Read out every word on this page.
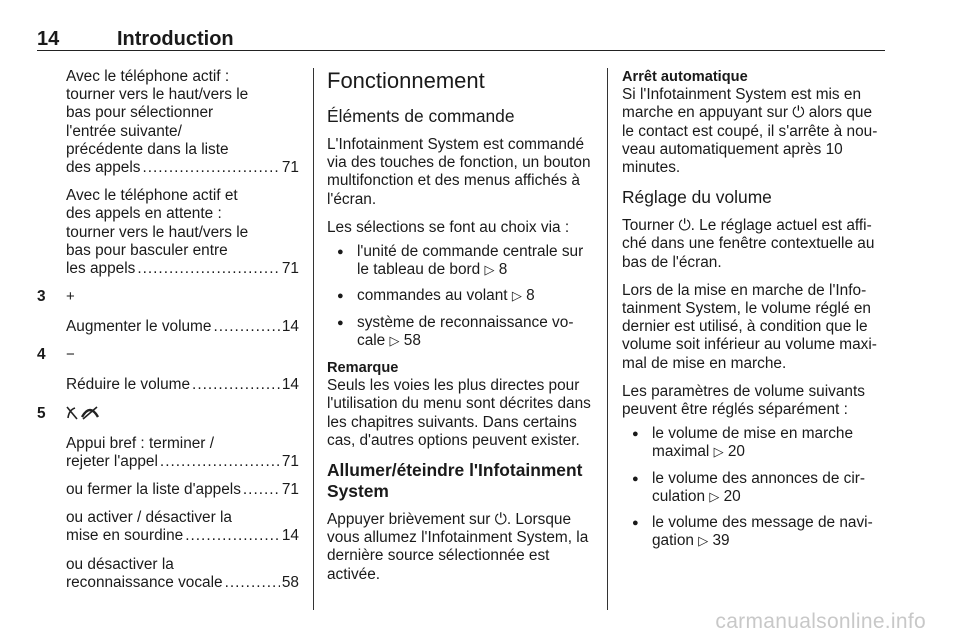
14	Introduction
Avec le téléphone actif :
tourner vers le haut/vers le
bas pour sélectionner
l'entrée suivante/
précédente dans la liste
des appels .....	71
Avec le téléphone actif et
des appels en attente :
tourner vers le haut/vers le
bas pour basculer entre
les appels .....	71
3 +
Augmenter le volume .....	14
4 −
Réduire le volume .....	14
5
Appui bref : terminer /
rejeter l'appel .....	71
ou fermer la liste d'appels .....	71
ou activer / désactiver la
mise en sourdine .....	14
ou désactiver la
reconnaissance vocale .....	58
Fonctionnement
Éléments de commande

L'Infotainment System est commandé via des touches de fonction, un bouton multifonction et des menus affichés à l'écran.

Les sélections se font au choix via :

● l'unité de commande centrale sur le tableau de bord ▷ 8
● commandes au volant ▷ 8
● système de reconnaissance vocale ▷ 58
Remarque

Seuls les voies les plus directes pour l'utilisation du menu sont décrites dans les chapitres suivants. Dans certains cas, d'autres options peuvent exister.

Allumer/éteindre l'Infotainment System

Appuyer brièvement sur ⏻. Lorsque vous allumez l'Infotainment System, la dernière source sélectionnée est activée.

Arrêt automatique

Si l'Infotainment System est mis en marche en appuyant sur ⏻ alors que le contact est coupé, il s'arrête à nouveau automatiquement après 10 minutes.

Réglage du volume

Tourner ⏻. Le réglage actuel est affiché dans une fenêtre contextuelle au bas de l'écran.

Lors de la mise en marche de l'Infotainment System, le volume réglé en dernier est utilisé, à condition que le volume soit inférieur au volume maximal de mise en marche.

Les paramètres de volume suivants peuvent être réglés séparément :

● le volume de mise en marche maximal ▷ 20
● le volume des annonces de circulation ▷ 20
● le volume des message de navigation ▷ 39
carmanualsonline.info
